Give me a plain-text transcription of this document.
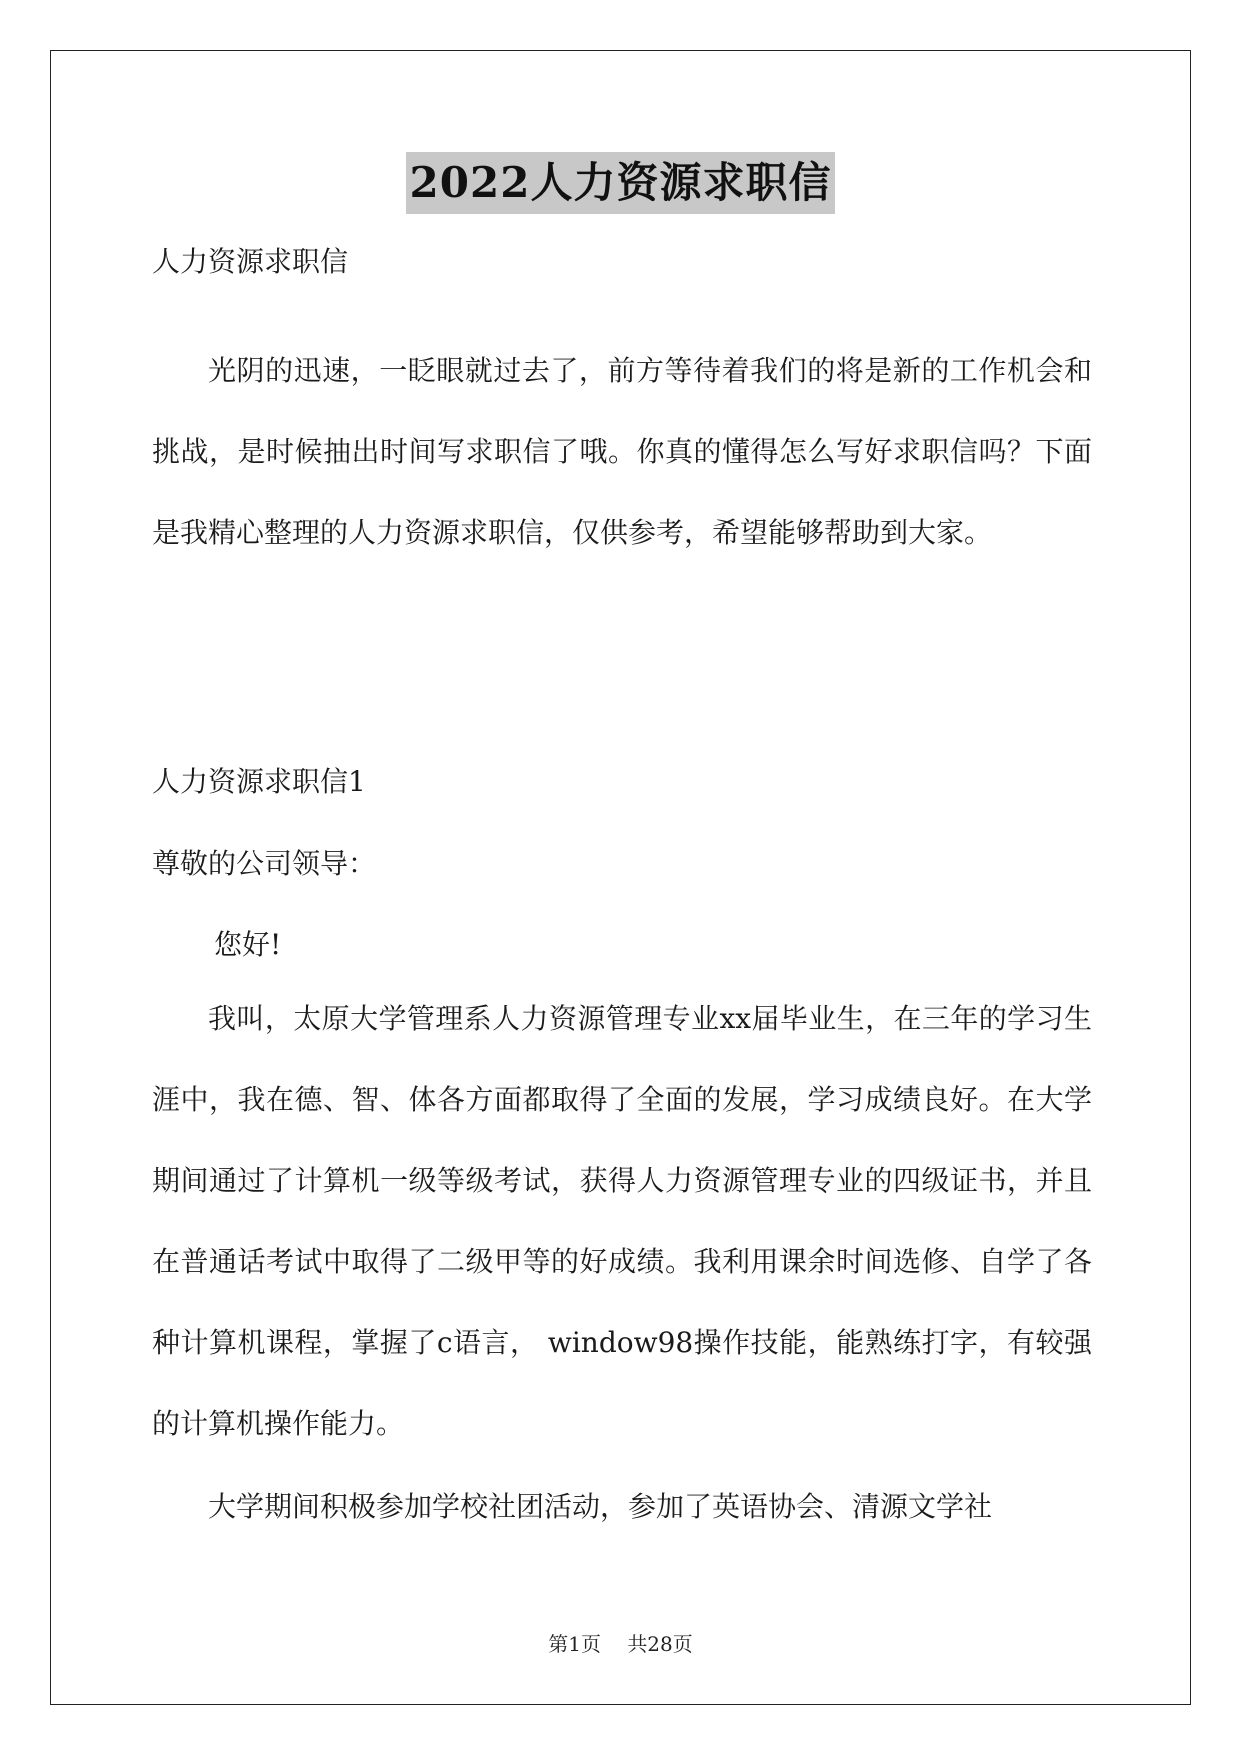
2022人力资源求职信
人力资源求职信
光阴的迅速，一眨眼就过去了，前方等待着我们的将是新的工作机会和挑战，是时候抽出时间写求职信了哦。你真的懂得怎么写好求职信吗？下面是我精心整理的人力资源求职信，仅供参考，希望能够帮助到大家。
人力资源求职信1
尊敬的公司领导：
您好!
我叫，太原大学管理系人力资源管理专业xx届毕业生，在三年的学习生涯中，我在德、智、体各方面都取得了全面的发展，学习成绩良好。在大学期间通过了计算机一级等级考试，获得人力资源管理专业的四级证书，并且在普通话考试中取得了二级甲等的好成绩。我利用课余时间选修、自学了各种计算机课程，掌握了c语言， window98操作技能，能熟练打字，有较强的计算机操作能力。
大学期间积极参加学校社团活动，参加了英语协会、清源文学社
第1页 共28页
